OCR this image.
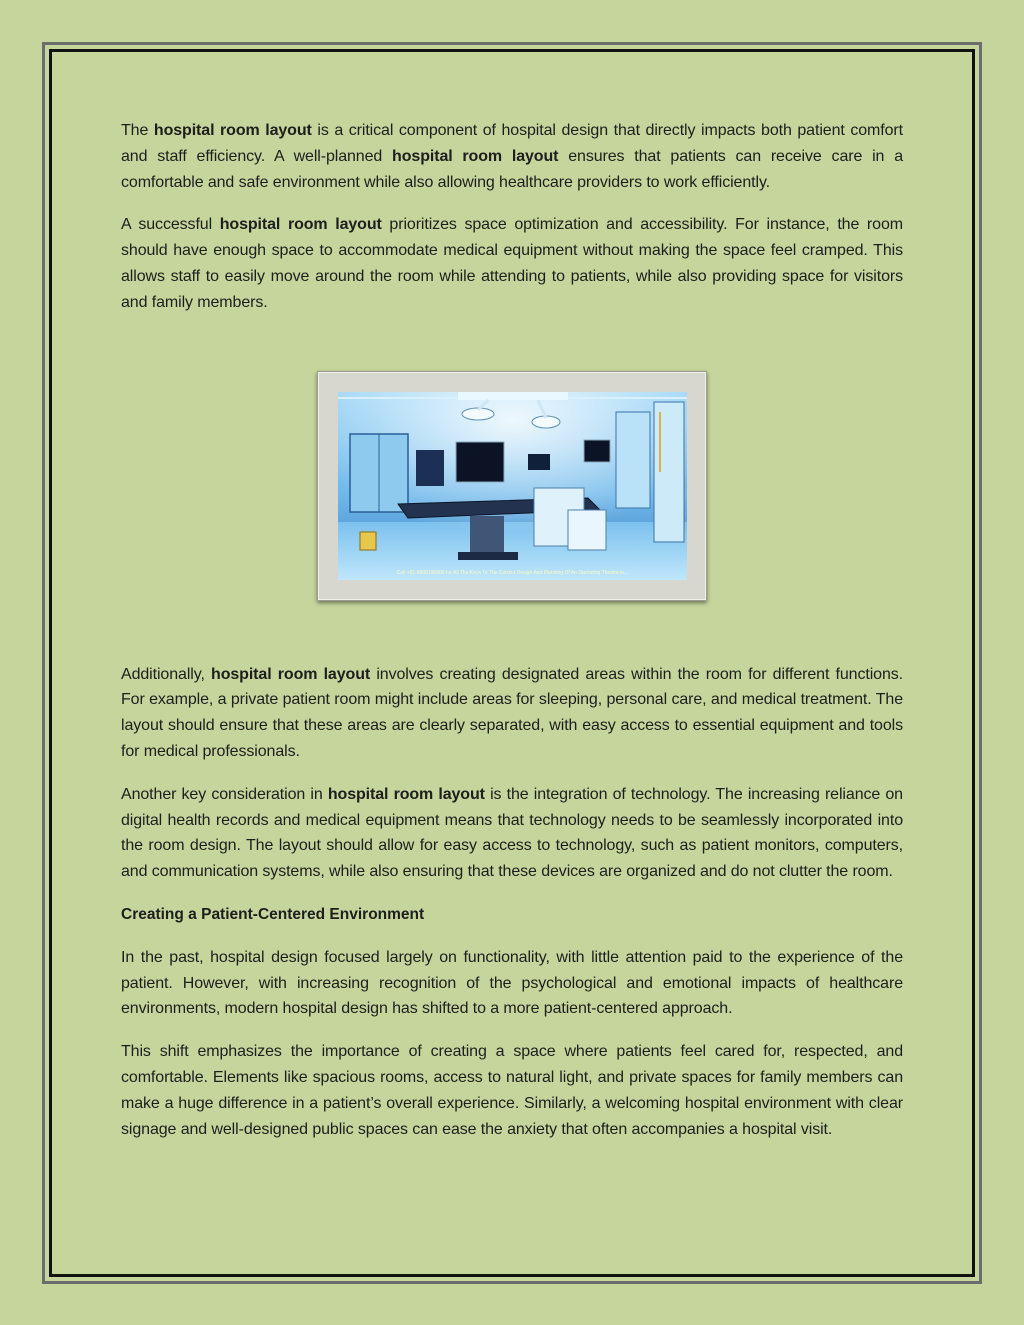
The hospital room layout is a critical component of hospital design that directly impacts both patient comfort and staff efficiency. A well-planned hospital room layout ensures that patients can receive care in a comfortable and safe environment while also allowing healthcare providers to work efficiently.

A successful hospital room layout prioritizes space optimization and accessibility. For instance, the room should have enough space to accommodate medical equipment without making the space feel cramped. This allows staff to easily move around the room while attending to patients, while also providing space for visitors and family members.

Call +91-8800190506 for All The Keys To The Correct Design And Planning Of An Operating Theatre in...

Additionally, hospital room layout involves creating designated areas within the room for different functions. For example, a private patient room might include areas for sleeping, personal care, and medical treatment. The layout should ensure that these areas are clearly separated, with easy access to essential equipment and tools for medical professionals.

Another key consideration in hospital room layout is the integration of technology. The increasing reliance on digital health records and medical equipment means that technology needs to be seamlessly incorporated into the room design. The layout should allow for easy access to technology, such as patient monitors, computers, and communication systems, while also ensuring that these devices are organized and do not clutter the room.

Creating a Patient-Centered Environment

In the past, hospital design focused largely on functionality, with little attention paid to the experience of the patient. However, with increasing recognition of the psychological and emotional impacts of healthcare environments, modern hospital design has shifted to a more patient-centered approach.

This shift emphasizes the importance of creating a space where patients feel cared for, respected, and comfortable. Elements like spacious rooms, access to natural light, and private spaces for family members can make a huge difference in a patient’s overall experience. Similarly, a welcoming hospital environment with clear signage and well-designed public spaces can ease the anxiety that often accompanies a hospital visit.
